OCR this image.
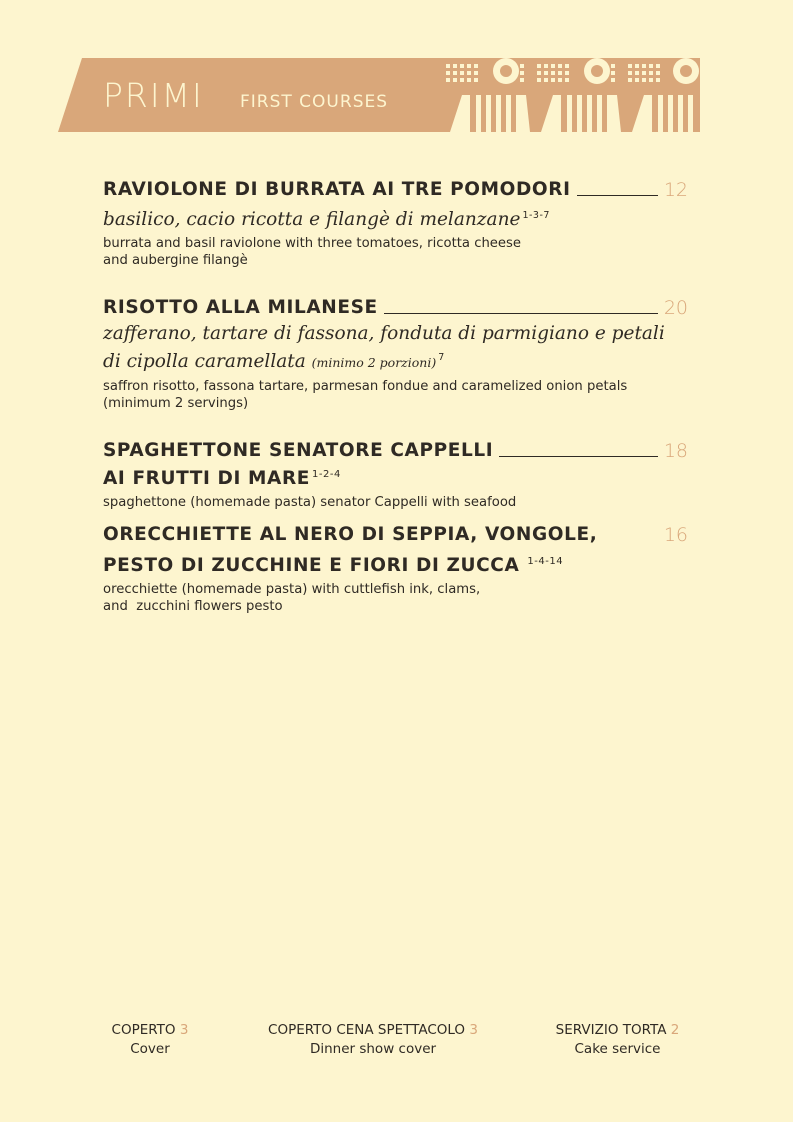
PRIMI FIRST COURSES
RAVIOLONE DI BURRATA AI TRE POMODORI	12
basilico, cacio ricotta e filangè di melanzane $^{1-3-7}$
burrata and basil raviolone with three tomatoes, ricotta cheese
and aubergine filangè
RISOTTO ALLA MILANESE	20
zafferano, tartare di fassona, fonduta di parmigiano e petali
di cipolla caramellata (minimo 2 porzioni) $^7$
saffron risotto, fassona tartare, parmesan fondue and caramelized onion petals
(minimum 2 servings)
SPAGHETTONE SENATORE CAPPELLI	18
AI FRUTTI DI MARE $^{1-2-4}$
spaghettone (homemade pasta) senator Cappelli with seafood
ORECCHIETTE AL NERO DI SEPPIA, VONGOLE,	16
PESTO DI ZUCCHINE E FIORI DI ZUCCA $^{1-4-14}$
orecchiette (homemade pasta) with cuttlefish ink, clams,
and  zucchini flowers pesto
COPERTO 3
Cover
COPERTO CENA SPETTACOLO 3
Dinner show cover
SERVIZIO TORTA 2
Cake service
